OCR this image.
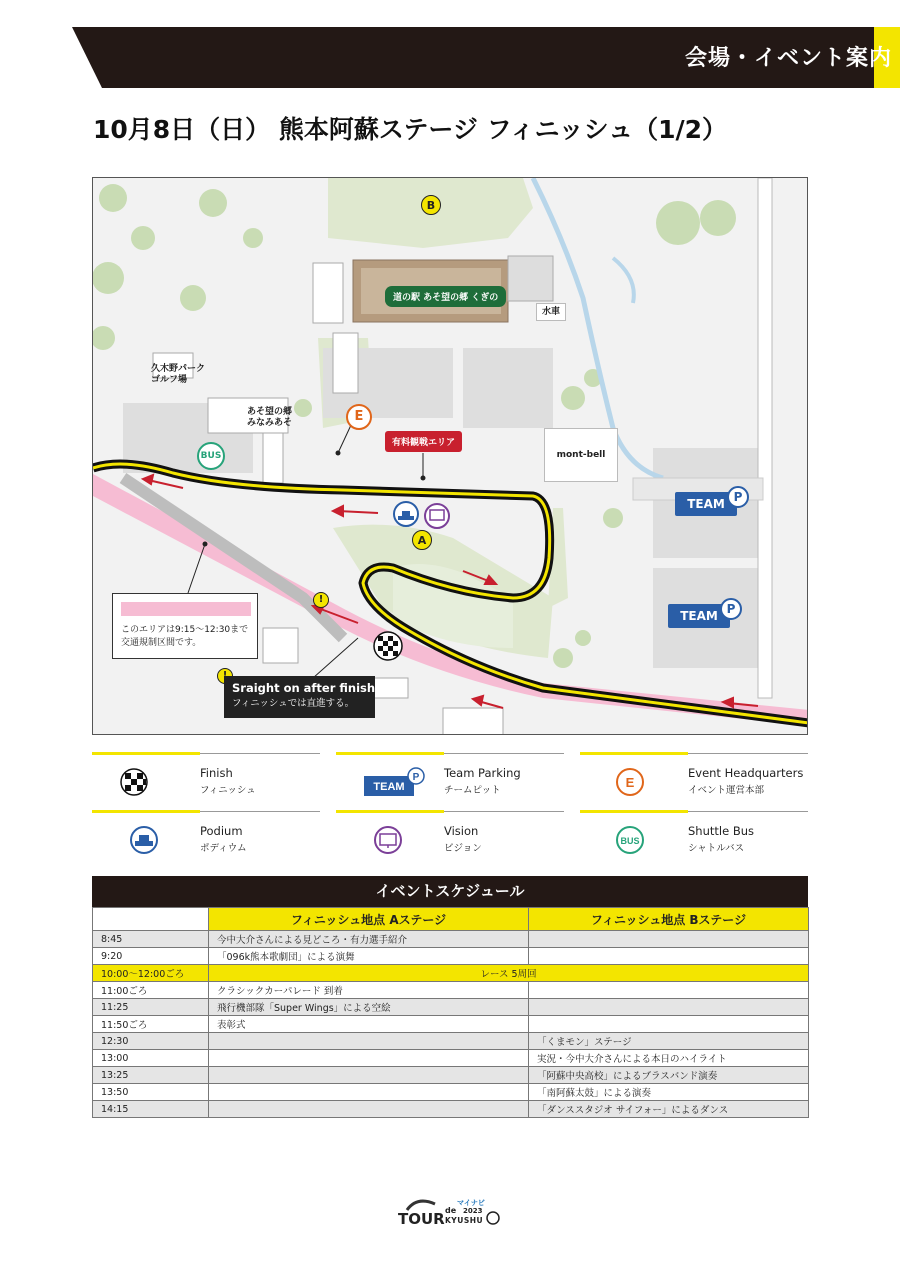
会場・イベント案内
10月8日（日） 熊本阿蘇ステージ フィニッシュ（1/2）
B
A
道の駅 あそ望の郷 くぎの
水車
久木野パーク
ゴルフ場
あそ望の郷
みなみあそ
有料観戦エリア
mont-bell
E
BUS
TEAM P
TEAM P
!
このエリアは9:15〜12:30まで
交通規制区間です。
Sraight on after finish
フィニッシュでは直進する。
Finish
フィニッシュ	TEAM
P Team Parking
チームピット
E
Event Headquarters
イベント運営本部
Podium
ポディウム
Vision
ビジョン
BUS
Shuttle Bus
シャトルバス
イベントスケジュール
	フィニッシュ地点 Aステージ	フィニッシュ地点 Bステージ
8:45	今中大介さんによる見どころ・有力選手紹介	
9:20	「096k熊本歌劇団」による演舞	
10:00〜12:00ごろ	レース 5周回	
11:00ごろ	クラシックカーパレード 到着	
11:25	飛行機部隊「Super Wings」による空絵	
11:50ごろ	表彰式	
12:30		「くまモン」ステージ
13:00		実況・今中大介さんによる本日のハイライト
13:25		「阿蘇中央高校」によるブラスバンド演奏
13:50		「南阿蘇太鼓」による演奏
14:15		「ダンススタジオ サイフォー」によるダンス
TOUR de
KYUSHU
マイナビ
2023
